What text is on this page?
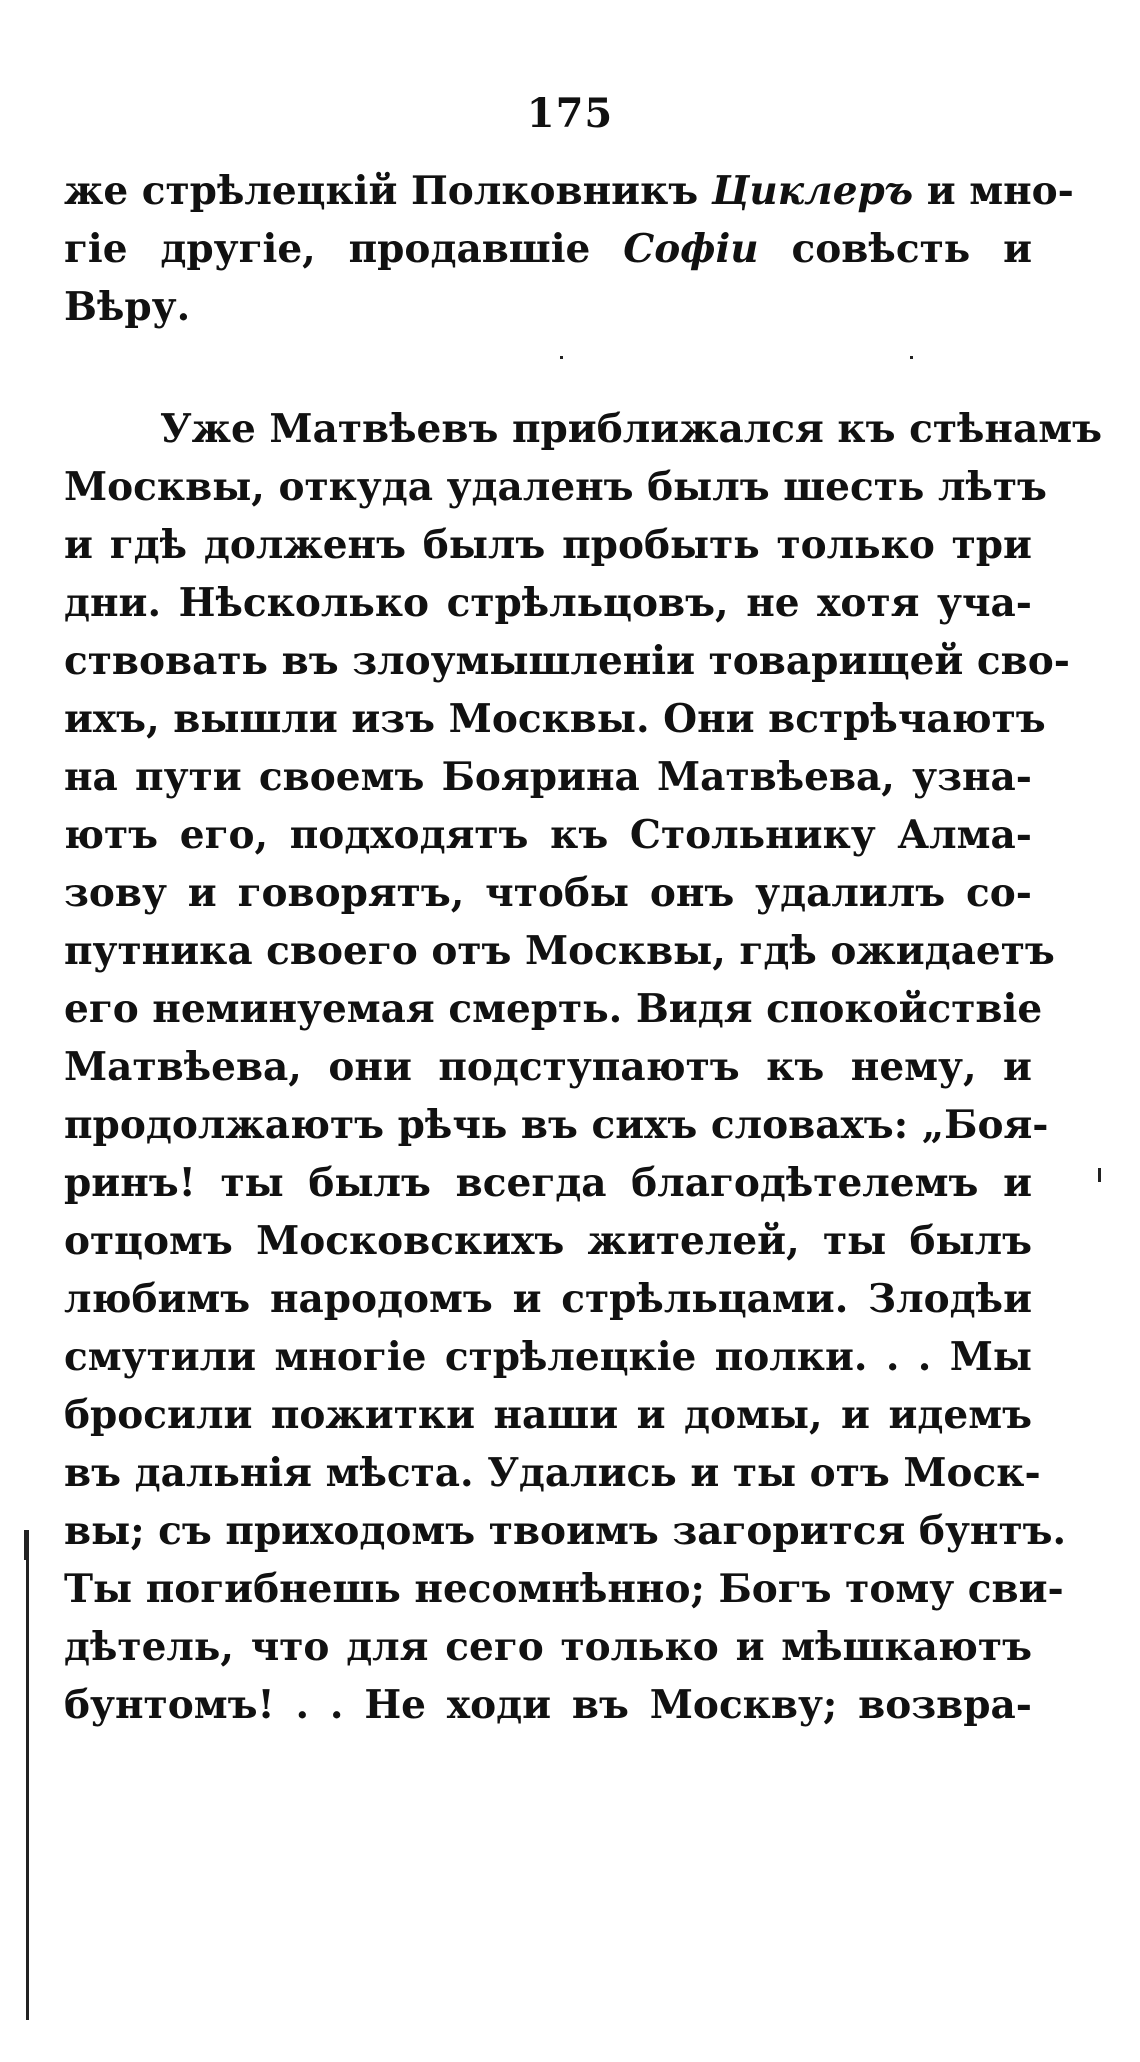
175
же стрѣлецкій Полковникъ Циклеръ и мно-
гіе другіе, продавшіе Софіи совѣсть и
Вѣру.
Уже Матвѣевъ приближался къ стѣнамъ
Москвы, откуда удаленъ былъ шесть лѣтъ
и гдѣ долженъ былъ пробыть только три
дни. Нѣсколько стрѣльцовъ, не хотя уча-
ствовать въ злоумышленіи товарищей сво-
ихъ, вышли изъ Москвы. Они встрѣчаютъ
на пути своемъ Боярина Матвѣева, узна-
ютъ его, подходятъ къ Стольнику Алма-
зову и говорятъ, чтобы онъ удалилъ со-
путника своего отъ Москвы, гдѣ ожидаетъ
его неминуемая смерть. Видя спокойствіе
Матвѣева, они подступаютъ къ нему, и
продолжаютъ рѣчь въ сихъ словахъ: „Боя-
ринъ! ты былъ всегда благодѣтелемъ и
отцомъ Московскихъ жителей, ты былъ
любимъ народомъ и стрѣльцами. Злодѣи
смутили многіе стрѣлецкіе полки. . . Мы
бросили пожитки наши и домы, и идемъ
въ дальнія мѣста. Удались и ты отъ Моск-
вы; съ приходомъ твоимъ загорится бунтъ.
Ты погибнешь несомнѣнно; Богъ тому сви-
дѣтель, что для сего только и мѣшкаютъ
бунтомъ! . . Не ходи въ Москву; возвра-
